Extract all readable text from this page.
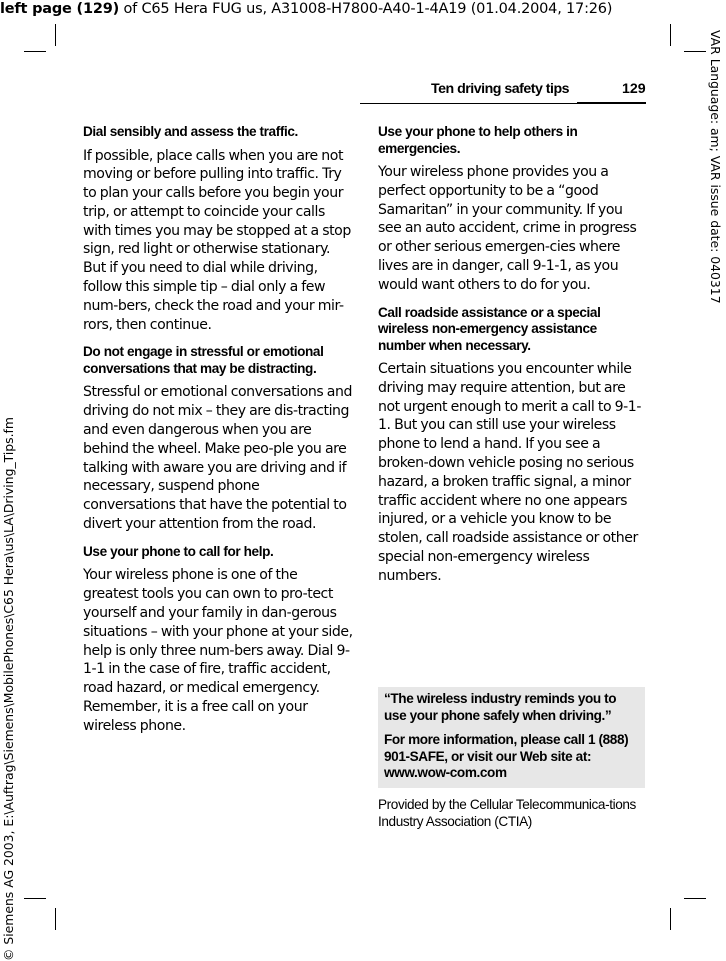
left page (129) of C65 Hera FUG us, A31008-H7800-A40-1-4A19 (01.04.2004, 17:26)
VAR Language: am; VAR issue date: 040317
© Siemens AG 2003, E:\Auftrag\Siemens\MobilePhones\C65 Hera\us\LA\Driving_Tips.fm
Ten driving safety tips	129
Dial sensibly and assess the traffic.

If possible, place calls when you are not moving or before pulling into traffic. Try to plan your calls before you begin your trip, or attempt to coincide your calls with times you may be stopped at a stop sign, red light or otherwise stationary. But if you need to dial while driving, follow this simple tip – dial only a few num-bers, check the road and your mir-rors, then continue.

Do not engage in stressful or emotional conversations that may be distracting.

Stressful or emotional conversations and driving do not mix – they are dis-tracting and even dangerous when you are behind the wheel. Make peo-ple you are talking with aware you are driving and if necessary, suspend phone conversations that have the potential to divert your attention from the road.

Use your phone to call for help.

Your wireless phone is one of the greatest tools you can own to pro-tect yourself and your family in dan-gerous situations – with your phone at your side, help is only three num-bers away. Dial 9-1-1 in the case of fire, traffic accident, road hazard, or medical emergency. Remember, it is a free call on your wireless phone.

Use your phone to help others in emergencies.

Your wireless phone provides you a perfect opportunity to be a “good Samaritan” in your community. If you see an auto accident, crime in progress or other serious emergen-cies where lives are in danger, call 9-1-1, as you would want others to do for you.

Call roadside assistance or a special wireless non-emergency assistance number when necessary.

Certain situations you encounter while driving may require attention, but are not urgent enough to merit a call to 9-1-1. But you can still use your wireless phone to lend a hand. If you see a broken-down vehicle posing no serious hazard, a broken traffic signal, a minor traffic accident where no one appears injured, or a vehicle you know to be stolen, call roadside assistance or other special non-emergency wireless numbers.

“The wireless industry reminds you to use your phone safely when driving.”

For more information, please call 1 (888) 901-SAFE, or visit our Web site at: www.wow-com.com

Provided by the Cellular Telecommunica-tions Industry Association (CTIA)
